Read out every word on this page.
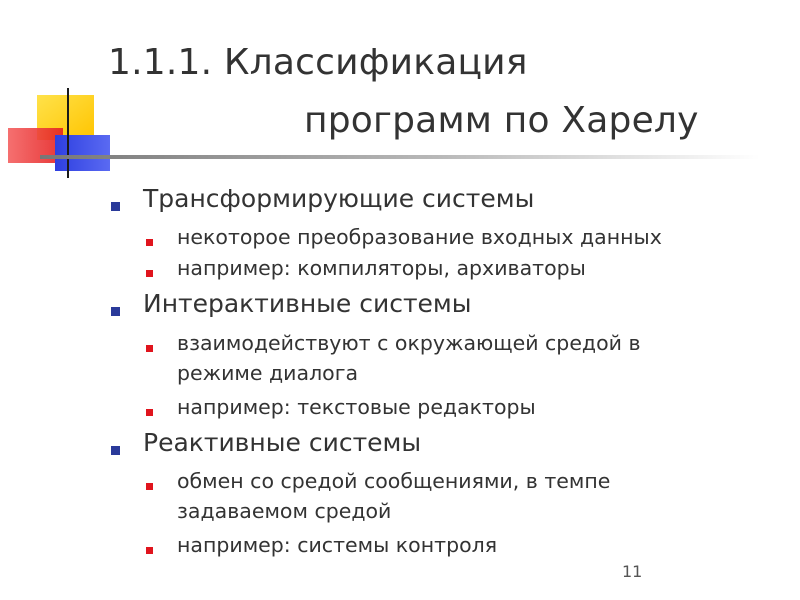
1.1.1. Классификация
программ по Харелу
Трансформирующие системы
некоторое преобразование входных данных
например: компиляторы, архиваторы
Интерактивные системы
взаимодействуют с окружающей средой в
режиме диалога
например: текстовые редакторы
Реактивные системы
обмен со средой сообщениями, в темпе
задаваемом средой
например: системы контроля
11
